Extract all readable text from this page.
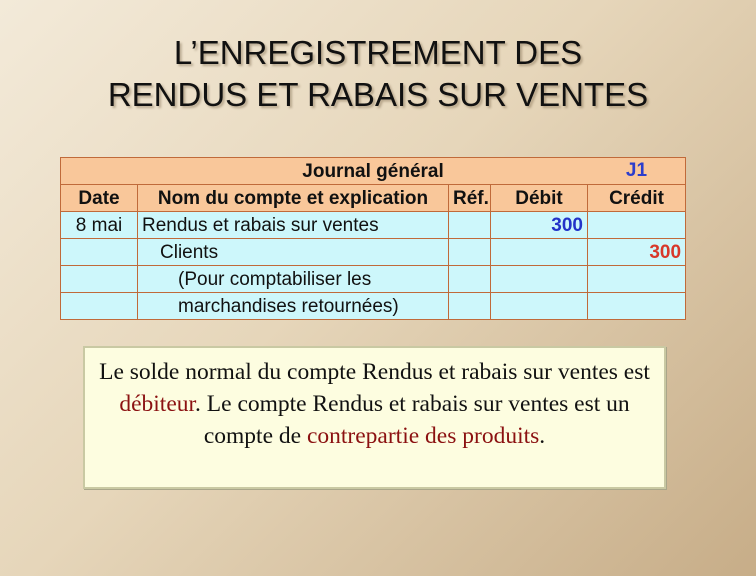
L’ENREGISTREMENT DES
RENDUS ET RABAIS SUR VENTES
Journal général J1				

Date	Nom du compte et explication	Réf.	Débit	Crédit
8 mai	Rendus et rabais sur ventes		300	
	Clients			300
	(Pour comptabiliser les			
	marchandises retournées)			
Le solde normal du compte Rendus et rabais sur ventes est débiteur. Le compte Rendus et rabais sur ventes est un compte de contrepartie des produits.
